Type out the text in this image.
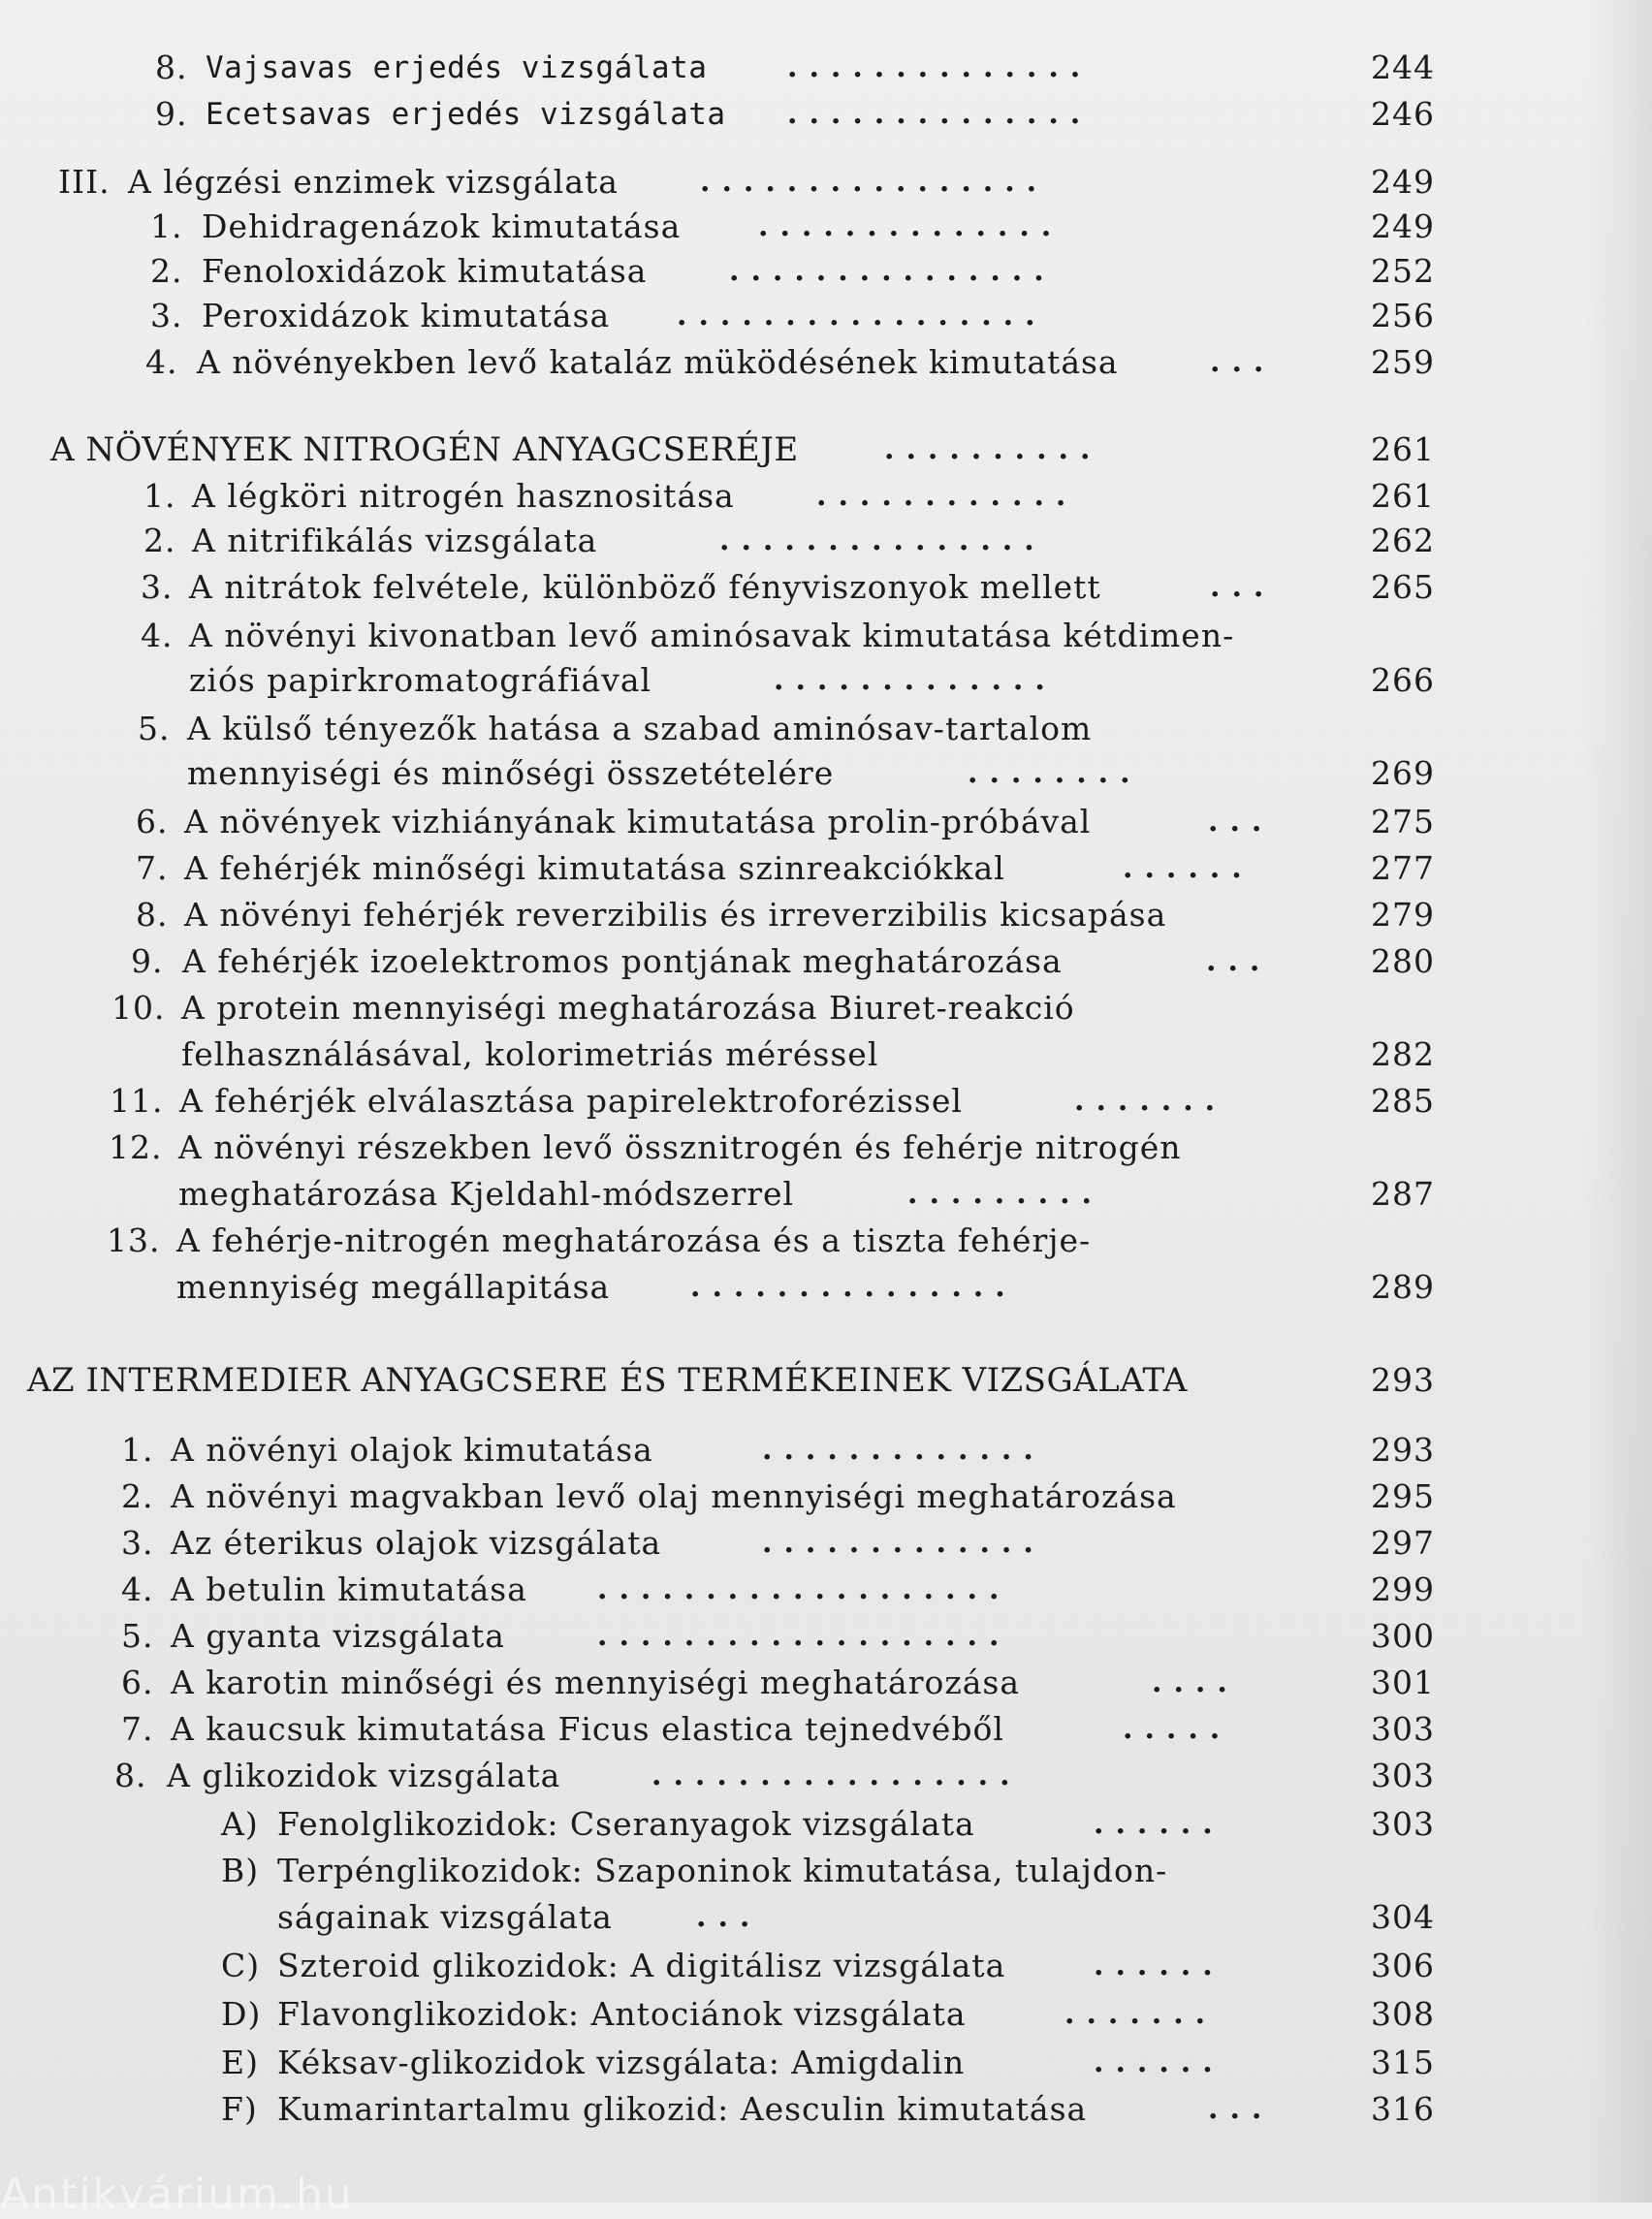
8. Vajsavas erjedés vizsgálata	..............	244
9. Ecetsavas erjedés vizsgálata ..............	246
III. A légzési enzimek vizsgálata	................	249
1. Dehidragenázok kimutatása	..............	249
2. Fenoloxidázok kimutatása	...............	252
3. Peroxidázok kimutatása .................	256
4. A növényekben levő kataláz müködésének kimutatása	...	259
A NÖVÉNYEK NITROGÉN ANYAGCSERÉJE	..........	261
1. A légköri nitrogén hasznositása	............	261
2. A nitrifikálás vizsgálata	...............	262
3. A nitrátok felvétele, különböző fényviszonyok mellett	...	265
4. A növényi kivonatban levő aminósavak kimutatása kétdimen-
ziós papirkromatográfiával	.............	266
5. A külső tényezők hatása a szabad aminósav-tartalom
mennyiségi és minőségi összetételére	........	269
6. A növények vizhiányának kimutatása prolin-próbával	...	275
7. A fehérjék minőségi kimutatása szinreakciókkal	......	277
8. A növényi fehérjék reverzibilis és irreverzibilis kicsapása	279
9. A fehérjék izoelektromos pontjának meghatározása	...	280
10. A protein mennyiségi meghatározása Biuret-reakció
felhasználásával, kolorimetriás méréssel	282
11. A fehérjék elválasztása papirelektroforézissel	.......	285
12. A növényi részekben levő össznitrogén és fehérje nitrogén
meghatározása Kjeldahl-módszerrel	.........	287
13. A fehérje-nitrogén meghatározása és a tiszta fehérje-
mennyiség megállapitása	...............	289
AZ INTERMEDIER ANYAGCSERE ÉS TERMÉKEINEK VIZSGÁLATA	293
1. A növényi olajok kimutatása	.............	293
2. A növényi magvakban levő olaj mennyiségi meghatározása	295
3. Az éterikus olajok vizsgálata	.............	297
4. A betulin kimutatása ...................	299
5. A gyanta vizsgálata	...................	300
6. A karotin minőségi és mennyiségi meghatározása	....	301
7. A kaucsuk kimutatása Ficus elastica tejnedvéből	.....	303
8. A glikozidok vizsgálata	.................	303
A) Fenolglikozidok: Cseranyagok vizsgálata	......	303
B) Terpénglikozidok: Szaponinok kimutatása, tulajdon-
ságainak vizsgálata	...	304
C) Szteroid glikozidok: A digitálisz vizsgálata	......	306
D) Flavonglikozidok: Antociánok vizsgálata	.......	308
E) Kéksav-glikozidok vizsgálata: Amigdalin	......	315
F) Kumarintartalmu glikozid: Aesculin kimutatása	...	316
Antikvárium.hu
